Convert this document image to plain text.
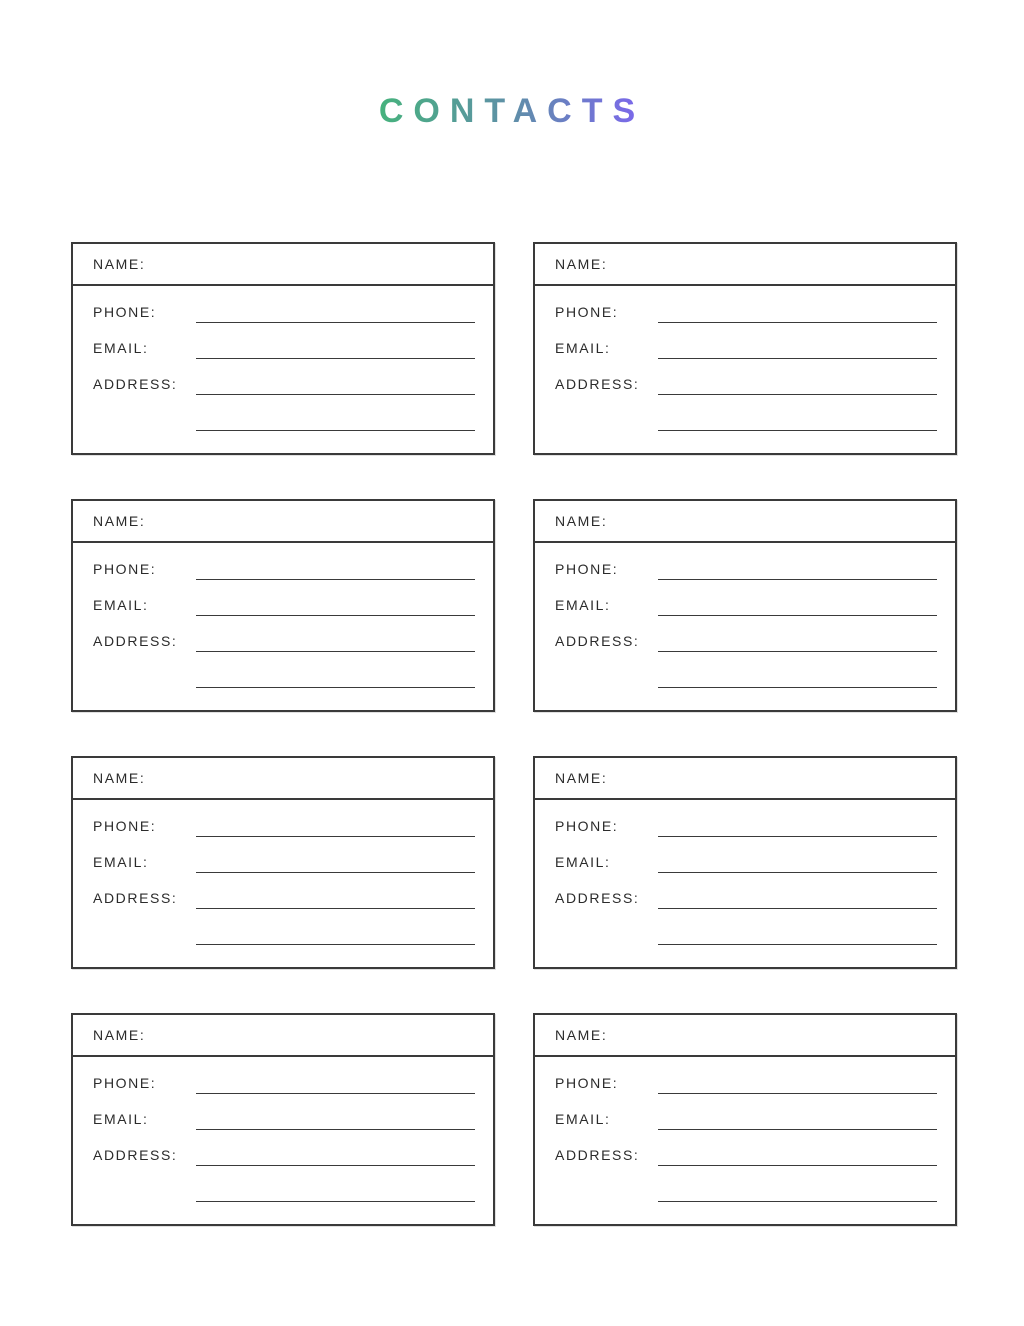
CONTACTS
NAME:
PHONE:
EMAIL:
ADDRESS:
NAME:
PHONE:
EMAIL:
ADDRESS:
NAME:
PHONE:
EMAIL:
ADDRESS:
NAME:
PHONE:
EMAIL:
ADDRESS:
NAME:
PHONE:
EMAIL:
ADDRESS:
NAME:
PHONE:
EMAIL:
ADDRESS:
NAME:
PHONE:
EMAIL:
ADDRESS:
NAME:
PHONE:
EMAIL:
ADDRESS:
